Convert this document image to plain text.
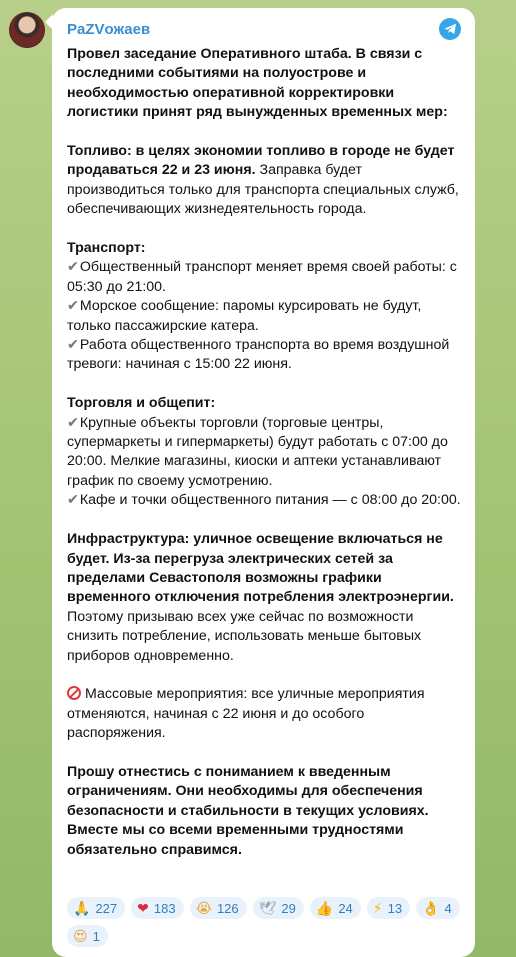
PaZVожаев

Провел заседание Оперативного штаба. В связи с последними событиями на полуострове и необходимостью оперативной корректировки логистики принят ряд вынужденных временных мер:

Топливо: в целях экономии топливо в городе не будет продаваться 22 и 23 июня. Заправка будет производиться только для транспорта специальных служб, обеспечивающих жизнедеятельность города.

Транспорт:
✔Общественный транспорт меняет время своей работы: с 05:30 до 21:00.
✔Морское сообщение: паромы курсировать не будут, только пассажирские катера.
✔Работа общественного транспорта во время воздушной тревоги: начиная с 15:00 22 июня.

Торговля и общепит:
✔Крупные объекты торговли (торговые центры, супермаркеты и гипермаркеты) будут работать с 07:00 до 20:00. Мелкие магазины, киоски и аптеки устанавливают график по своему усмотрению.
✔Кафе и точки общественного питания — с 08:00 до 20:00.

Инфраструктура: уличное освещение включаться не будет. Из-за перегруза электрических сетей за пределами Севастополя возможны графики временного отключения потребления электроэнергии. Поэтому призываю всех уже сейчас по возможности снизить потребление, использовать меньше бытовых приборов одновременно.

Массовые мероприятия: все уличные мероприятия отменяются, начиная с 22 июня и до особого распоряжения.

Прошу отнестись с пониманием к введенным ограничениям. Они необходимы для обеспечения безопасности и стабильности в текущих условиях. Вместе мы со всеми временными трудностями обязательно справимся.

🙏 227 ❤ 183 😭 126 🕊 29 👍 24 ⚡ 13 👌 4
😍 1
